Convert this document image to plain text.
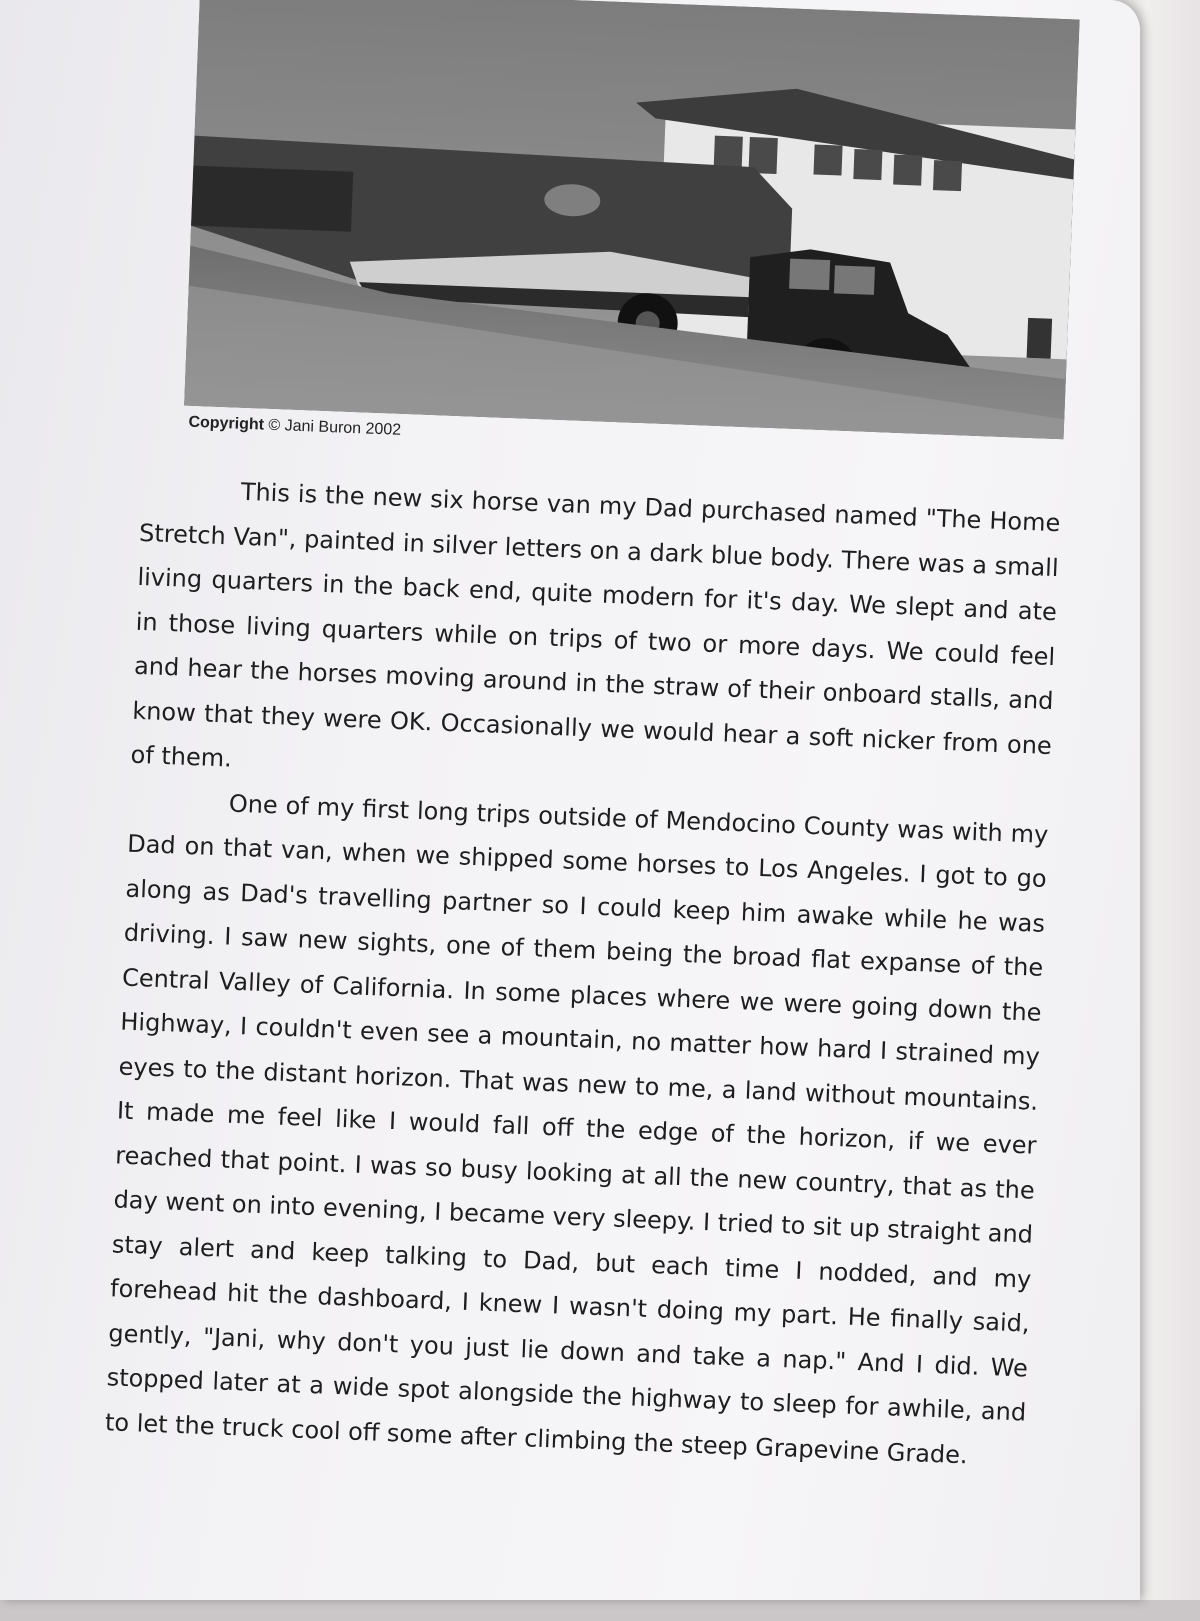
Copyright © Jani Buron 2002

This is the new six horse van my Dad purchased named "The Home Stretch Van", painted in silver letters on a dark blue body. There was a small living quarters in the back end, quite modern for it's day. We slept and ate in those living quarters while on trips of two or more days. We could feel and hear the horses moving around in the straw of their onboard stalls, and know that they were OK. Occasionally we would hear a soft nicker from one of them.

One of my first long trips outside of Mendocino County was with my Dad on that van, when we shipped some horses to Los Angeles. I got to go along as Dad's travelling partner so I could keep him awake while he was driving. I saw new sights, one of them being the broad flat expanse of the Central Valley of California. In some places where we were going down the Highway, I couldn't even see a mountain, no matter how hard I strained my eyes to the distant horizon. That was new to me, a land without mountains. It made me feel like I would fall off the edge of the horizon, if we ever reached that point. I was so busy looking at all the new country, that as the day went on into evening, I became very sleepy. I tried to sit up straight and stay alert and keep talking to Dad, but each time I nodded, and my forehead hit the dashboard, I knew I wasn't doing my part. He finally said, gently, "Jani, why don't you just lie down and take a nap." And I did. We stopped later at a wide spot alongside the highway to sleep for awhile, and to let the truck cool off some after climbing the steep Grapevine Grade.
